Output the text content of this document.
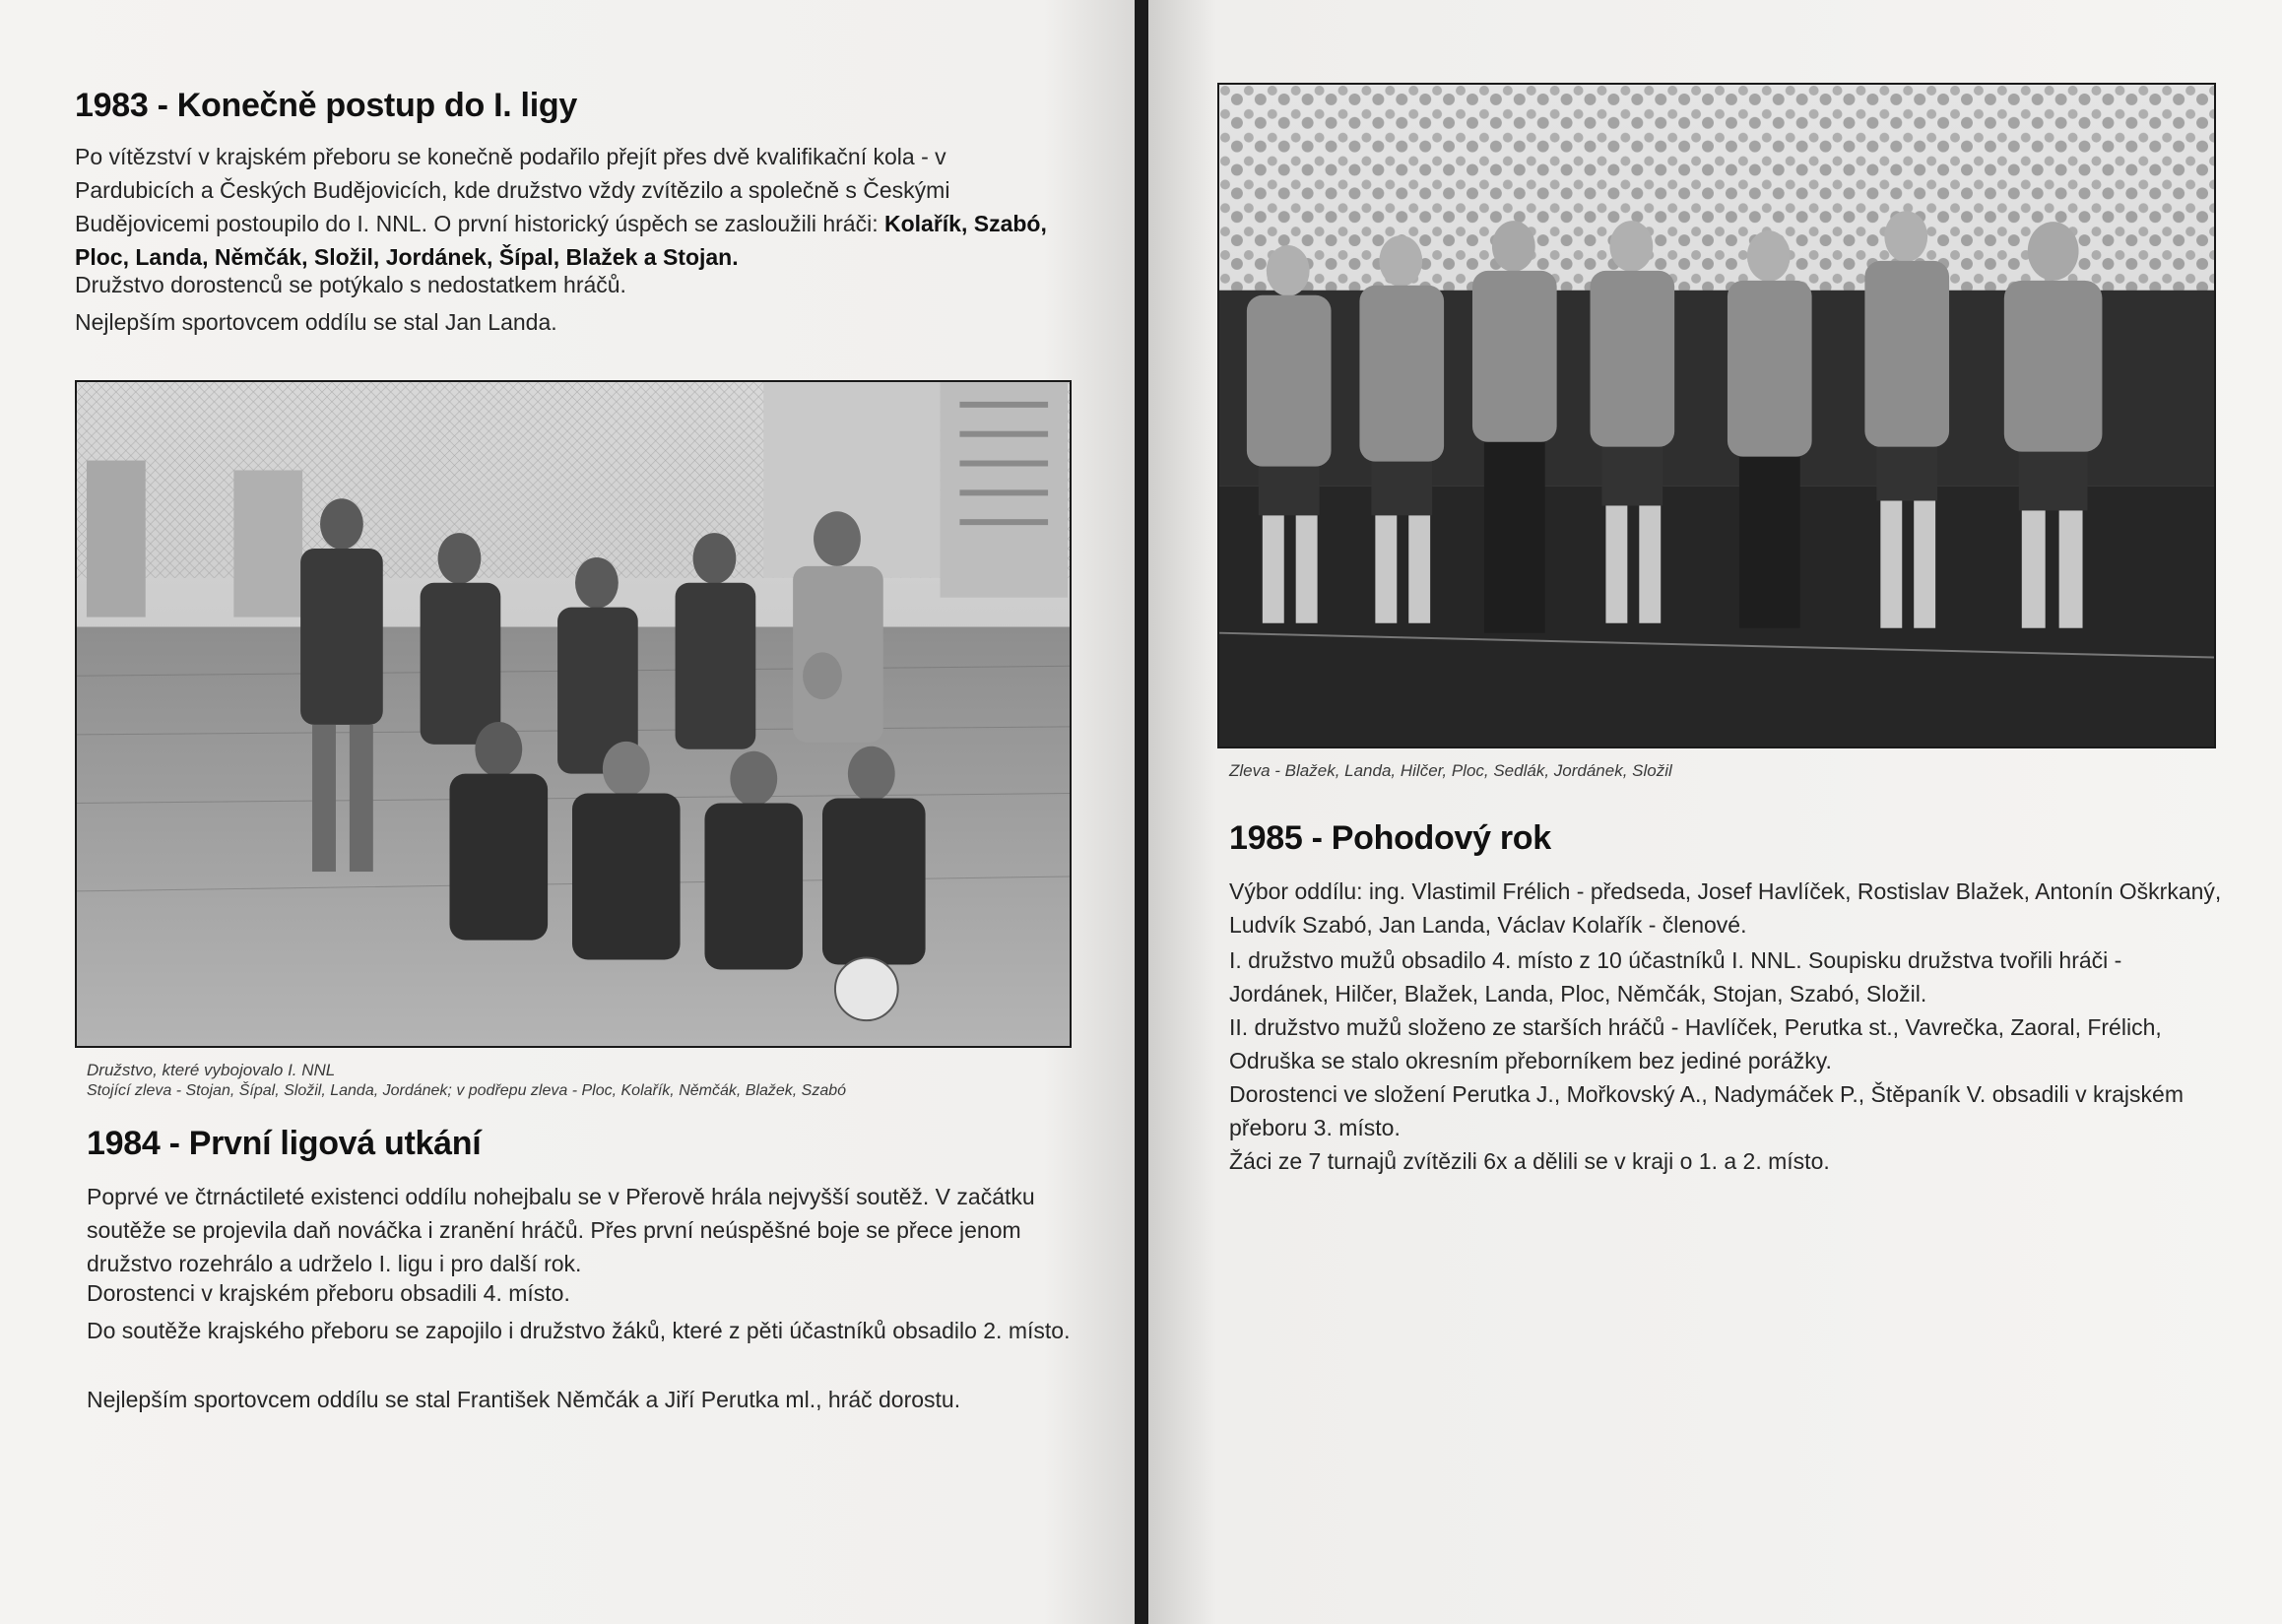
1983 - Konečně postup do I. ligy

Po vítězství v krajském přeboru se konečně podařilo přejít přes dvě kvalifikační kola - v Pardubicích a Českých Budějovicích, kde družstvo vždy zvítězilo a společně s Českými Budějovicemi postoupilo do I. NNL. O první historický úspěch se zasloužili hráči: Kolařík, Szabó, Ploc, Landa, Němčák, Složil, Jordánek, Šípal, Blažek a Stojan.

Družstvo dorostenců se potýkalo s nedostatkem hráčů.

Nejlepším sportovcem oddílu se stal Jan Landa.

Družstvo, které vybojovalo I. NNL

Stojící zleva - Stojan, Šípal, Složil, Landa, Jordánek; v podřepu zleva - Ploc, Kolařík, Němčák, Blažek, Szabó

1984 - První ligová utkání

Poprvé ve čtrnáctileté existenci oddílu nohejbalu se v Přerově hrála nejvyšší soutěž. V začátku soutěže se projevila daň nováčka i zranění hráčů. Přes první neúspěšné boje se přece jenom družstvo rozehrálo a udrželo I. ligu i pro další rok.

Dorostenci v krajském přeboru obsadili 4. místo.

Do soutěže krajského přeboru se zapojilo i družstvo žáků, které z pěti účastníků obsadilo 2. místo.

Nejlepším sportovcem oddílu se stal František Němčák a Jiří Perutka ml., hráč dorostu.

Zleva - Blažek, Landa, Hilčer, Ploc, Sedlák, Jordánek, Složil

1985 - Pohodový rok

Výbor oddílu: ing. Vlastimil Frélich - předseda, Josef Havlíček, Rostislav Blažek, Antonín Oškrkaný, Ludvík Szabó, Jan Landa, Václav Kolařík - členové.

I. družstvo mužů obsadilo 4. místo z 10 účastníků I. NNL. Soupisku družstva tvořili hráči - Jordánek, Hilčer, Blažek, Landa, Ploc, Němčák, Stojan, Szabó, Složil.

II. družstvo mužů složeno ze starších hráčů - Havlíček, Perutka st., Vavrečka, Zaoral, Frélich, Odruška se stalo okresním přeborníkem bez jediné porážky.

Dorostenci ve složení Perutka J., Mořkovský A., Nadymáček P., Štěpaník V. obsadili v krajském přeboru 3. místo.

Žáci ze 7 turnajů zvítězili 6x a dělili se v kraji o 1. a 2. místo.
